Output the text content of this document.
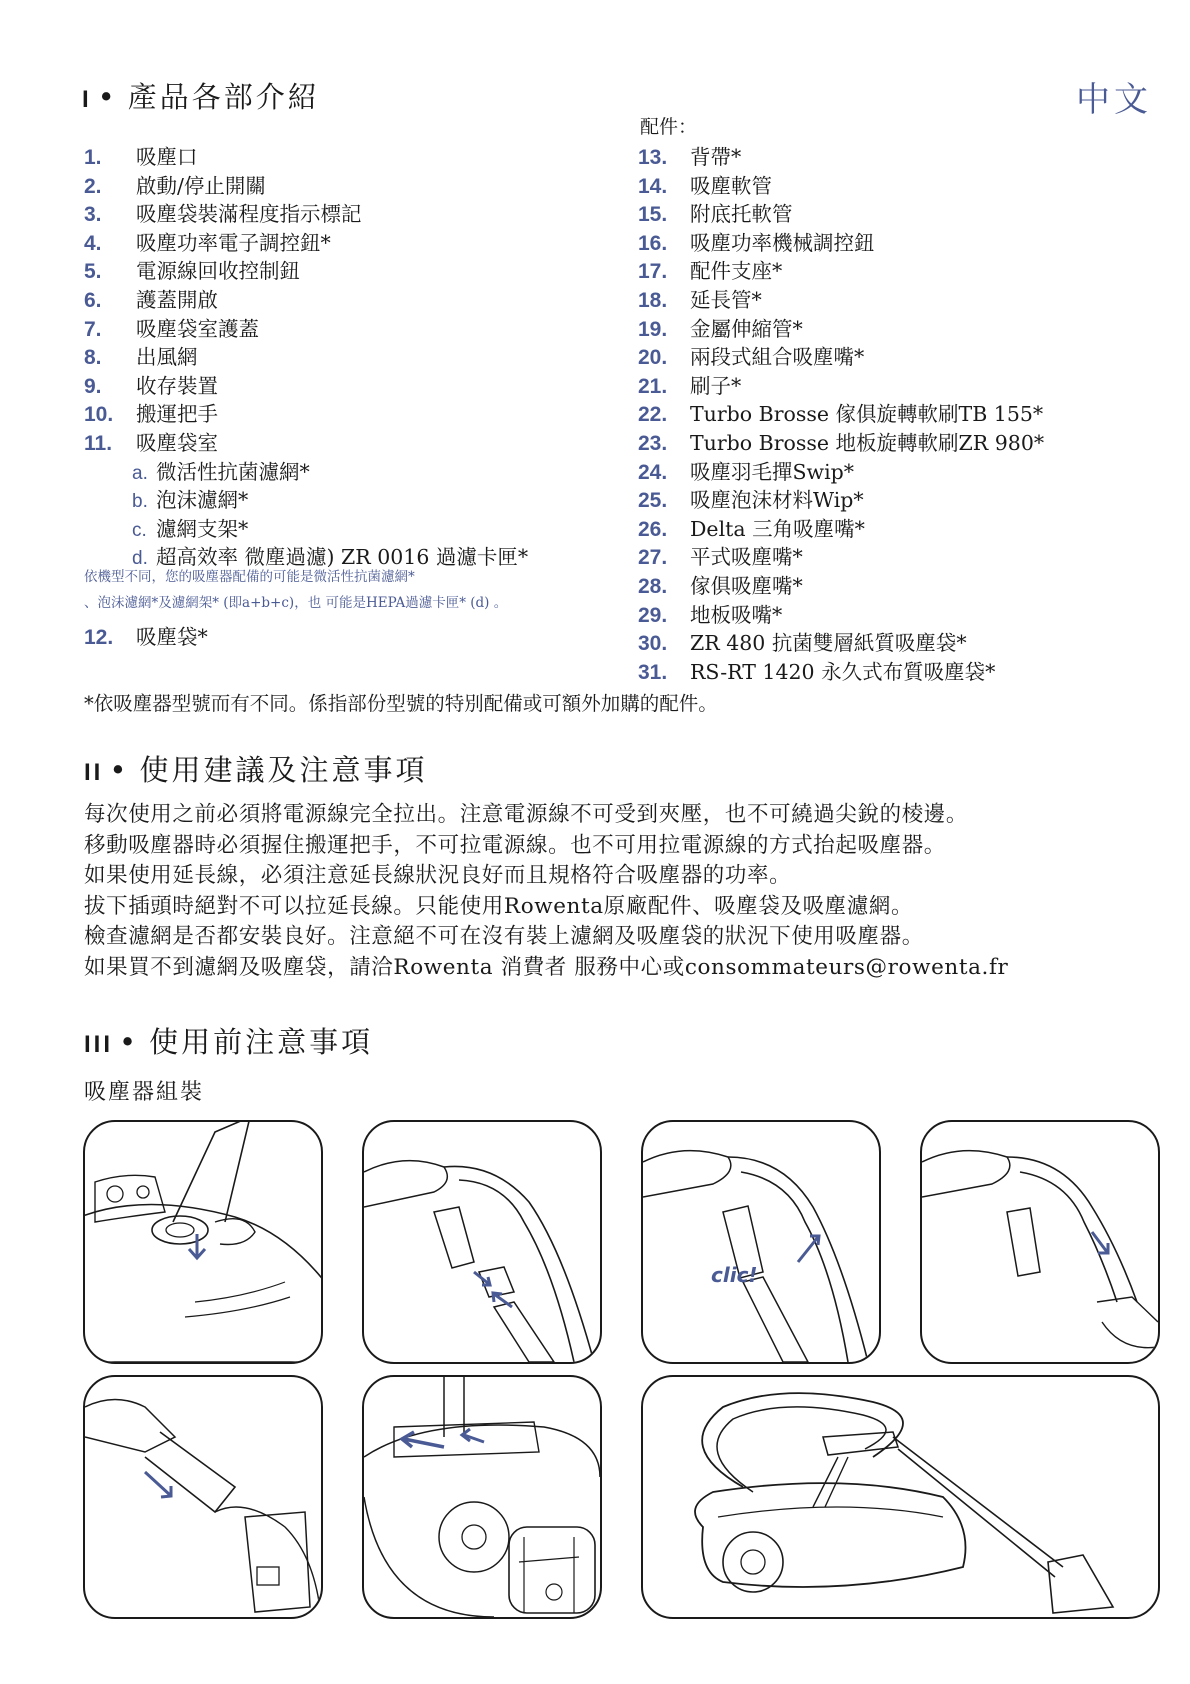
中文
I • 產品各部介紹
1.	吸塵口
2.	啟動/停止開關
3.	吸塵袋裝滿程度指示標記
4.	吸塵功率電子調控鈕*
5.	電源線回收控制鈕
6.	護蓋開啟
7.	吸塵袋室護蓋
8.	出風網
9.	收存裝置
10.	搬運把手
11.	吸塵袋室
a. 微活性抗菌濾網*
b. 泡沫濾網*
c. 濾網支架*
d. 超高效率 微塵過濾) ZR 0016 過濾卡匣*
依機型不同，您的吸塵器配備的可能是微活性抗菌濾網*
、泡沫濾網*及濾網架* (即a+b+c)，也 可能是HEPA過濾卡匣* (d) 。
12.	吸塵袋*
配件：
13.	背帶*
14.	吸塵軟管
15.	附底托軟管
16.	吸塵功率機械調控鈕
17.	配件支座*
18.	延長管*
19.	金屬伸縮管*
20.	兩段式組合吸塵嘴*
21.	刷子*
22.	Turbo Brosse 傢俱旋轉軟刷TB 155*
23.	Turbo Brosse 地板旋轉軟刷ZR 980*
24.	吸塵羽毛撣Swip*
25.	吸塵泡沫材料Wip*
26.	Delta 三角吸塵嘴*
27.	平式吸塵嘴*
28.	傢俱吸塵嘴*
29.	地板吸嘴*
30.	ZR 480 抗菌雙層紙質吸塵袋*
31.	RS-RT 1420 永久式布質吸塵袋*
*依吸塵器型號而有不同。係指部份型號的特別配備或可額外加購的配件。
II • 使用建議及注意事項
每次使用之前必須將電源線完全拉出。注意電源線不可受到夾壓，也不可繞過尖銳的棱邊。
移動吸塵器時必須握住搬運把手，不可拉電源線。也不可用拉電源線的方式抬起吸塵器。
如果使用延長線，必須注意延長線狀況良好而且規格符合吸塵器的功率。
拔下插頭時絕對不可以拉延長線。只能使用Rowenta原廠配件、吸塵袋及吸塵濾網。
檢查濾網是否都安裝良好。注意絕不可在沒有裝上濾網及吸塵袋的狀況下使用吸塵器。
如果買不到濾網及吸塵袋，請洽Rowenta 消費者 服務中心或consommateurs@rowenta.fr
III • 使用前注意事項
吸塵器組裝
clic!
